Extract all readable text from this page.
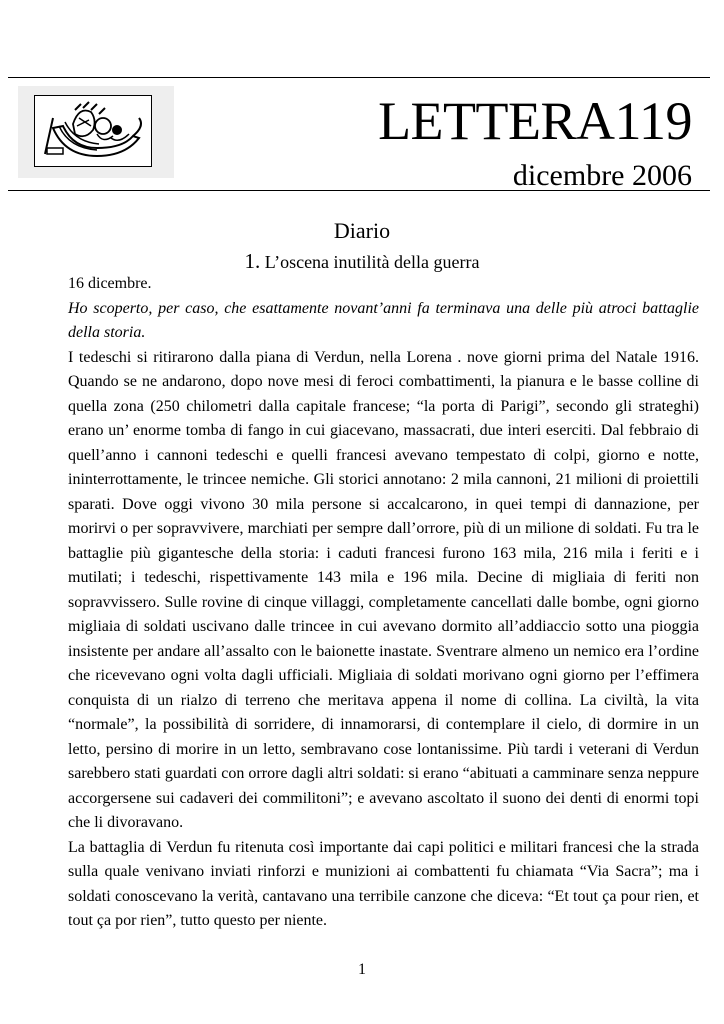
LETTERA119
dicembre 2006
Diario
1. L’oscena inutilità della guerra

16 dicembre.

Ho scoperto, per caso, che esattamente novant’anni fa terminava una delle più atroci battaglie della storia.

I tedeschi si ritirarono dalla piana di Verdun, nella Lorena . nove giorni prima del Natale 1916. Quando se ne andarono, dopo nove mesi di feroci combattimenti, la pianura e le basse colline di quella zona (250 chilometri dalla capitale francese; “la porta di Parigi”, secondo gli strateghi) erano un’ enorme tomba di fango in cui giacevano, massacrati, due interi eserciti. Dal febbraio di quell’anno i cannoni tedeschi e quelli francesi avevano tempestato di colpi, giorno e notte, ininterrottamente, le trincee nemiche. Gli storici annotano: 2 mila cannoni, 21 milioni di proiettili sparati. Dove oggi vivono 30 mila persone si accalcarono, in quei tempi di dannazione, per morirvi o per sopravvivere, marchiati per sempre dall’orrore, più di un milione di soldati. Fu tra le battaglie più gigantesche della storia: i caduti francesi furono 163 mila, 216 mila i feriti e i mutilati; i tedeschi, rispettivamente 143 mila e 196 mila. Decine di migliaia di feriti non sopravvissero. Sulle rovine di cinque villaggi, completamente cancellati dalle bombe, ogni giorno migliaia di soldati uscivano dalle trincee in cui avevano dormito all’addiaccio sotto una pioggia insistente per andare all’assalto con le baionette inastate. Sventrare almeno un nemico era l’ordine che ricevevano ogni volta dagli ufficiali. Migliaia di soldati morivano ogni giorno per l’effimera conquista di un rialzo di terreno che meritava appena il nome di collina. La civiltà, la vita “normale”, la possibilità di sorridere, di innamorarsi, di contemplare il cielo, di dormire in un letto, persino di morire in un letto, sembravano cose lontanissime. Più tardi i veterani di Verdun sarebbero stati guardati con orrore dagli altri soldati: si erano “abituati a camminare senza neppure accorgersene sui cadaveri dei commilitoni”; e avevano ascoltato il suono dei denti di enormi topi che li divoravano.

La battaglia di Verdun fu ritenuta così importante dai capi politici e militari francesi che la strada sulla quale venivano inviati rinforzi e munizioni ai combattenti fu chiamata “Via Sacra”; ma i soldati conoscevano la verità, cantavano una terribile canzone che diceva: “Et tout ça pour rien, et tout ça por rien”, tutto questo per niente.

1
